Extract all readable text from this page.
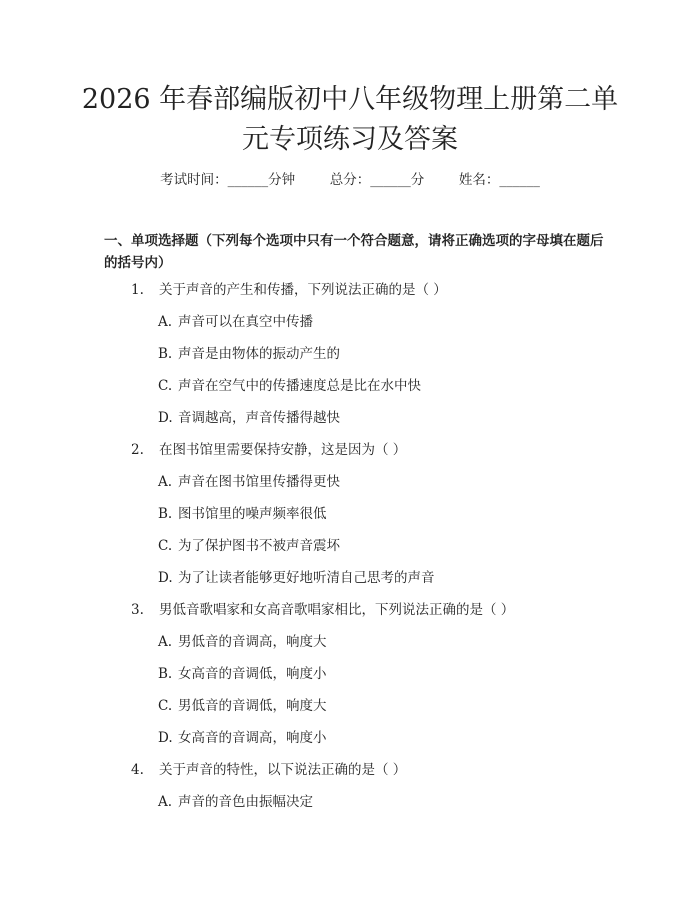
2026 年春部编版初中八年级物理上册第二单
元专项练习及答案
考试时间：______分钟	总分：______分	姓名：______
一、单项选择题（下列每个选项中只有一个符合题意，请将正确选项的字母填在题后的括号内）
1. 关于声音的产生和传播，下列说法正确的是（ ）
A. 声音可以在真空中传播
B. 声音是由物体的振动产生的
C. 声音在空气中的传播速度总是比在水中快
D. 音调越高，声音传播得越快
2. 在图书馆里需要保持安静，这是因为（ ）
A. 声音在图书馆里传播得更快
B. 图书馆里的噪声频率很低
C. 为了保护图书不被声音震坏
D. 为了让读者能够更好地听清自己思考的声音
3. 男低音歌唱家和女高音歌唱家相比，下列说法正确的是（ ）
A. 男低音的音调高，响度大
B. 女高音的音调低，响度小
C. 男低音的音调低，响度大
D. 女高音的音调高，响度小
4. 关于声音的特性，以下说法正确的是（ ）
A. 声音的音色由振幅决定
